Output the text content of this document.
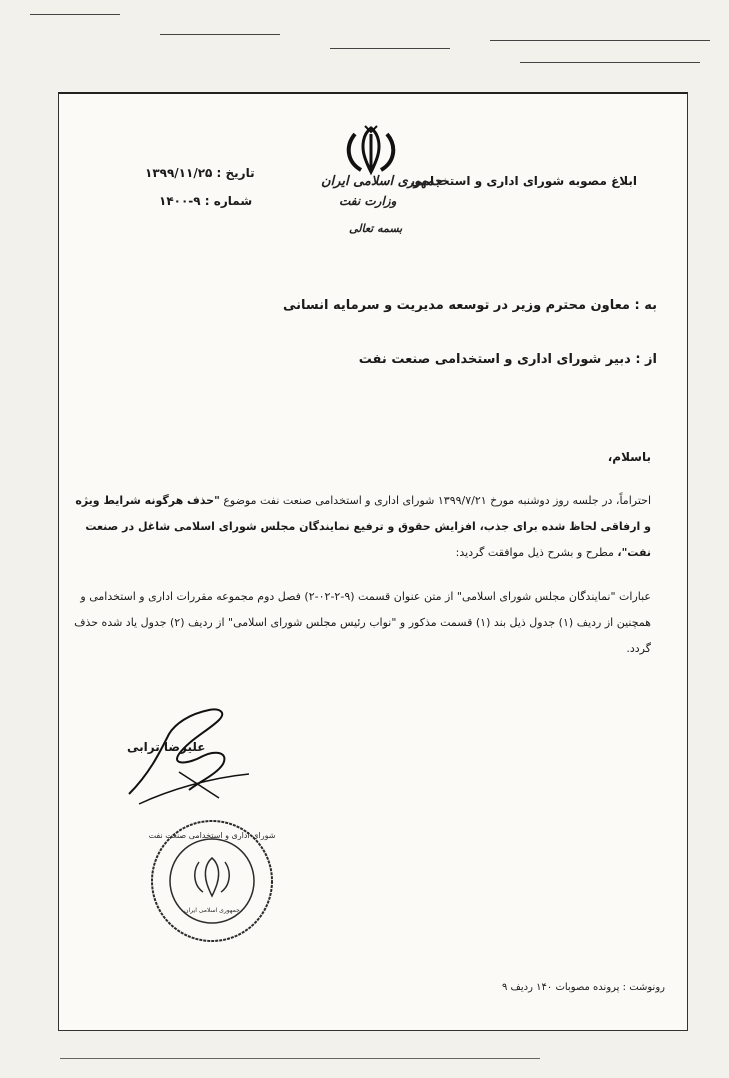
ابلاغ مصوبه شورای اداری و استخدامی
تاریخ : ۱۳۹۹/۱۱/۲۵
شماره : ۹-۱۴۰۰
جمهوری اسلامی ایران
وزارت نفت
بسمه تعالی
به : معاون محترم وزیر در توسعه مدیریت و سرمایه انسانی
از : دبیر شورای اداری و استخدامی صنعت نفت
باسلام،
احتراماً، در جلسه روز دوشنبه مورخ ۱۳۹۹/۷/۲۱ شورای اداری و استخدامی صنعت نفت موضوع "حذف هرگونه شرایط ویژه و ارفاقی لحاظ شده برای جذب، افزایش حقوق و ترفیع نمایندگان مجلس شورای اسلامی شاغل در صنعت نفت"، مطرح و بشرح ذیل موافقت گردید:
عبارات "نمایندگان مجلس شورای اسلامی" از متن عنوان قسمت (۹-۲-۰۲-۲) فصل دوم مجموعه مقررات اداری و استخدامی و همچنین از ردیف (۱) جدول ذیل بند (۱) قسمت مذکور و "نواب رئیس مجلس شورای اسلامی" از ردیف (۲) جدول یاد شده حذف گردد.
علیرضا ترابی
شورای اداری و استخدامی صنعت نفت
جمهوری اسلامی ایران
رونوشت : پرونده مصوبات ۱۴۰ ردیف ۹
